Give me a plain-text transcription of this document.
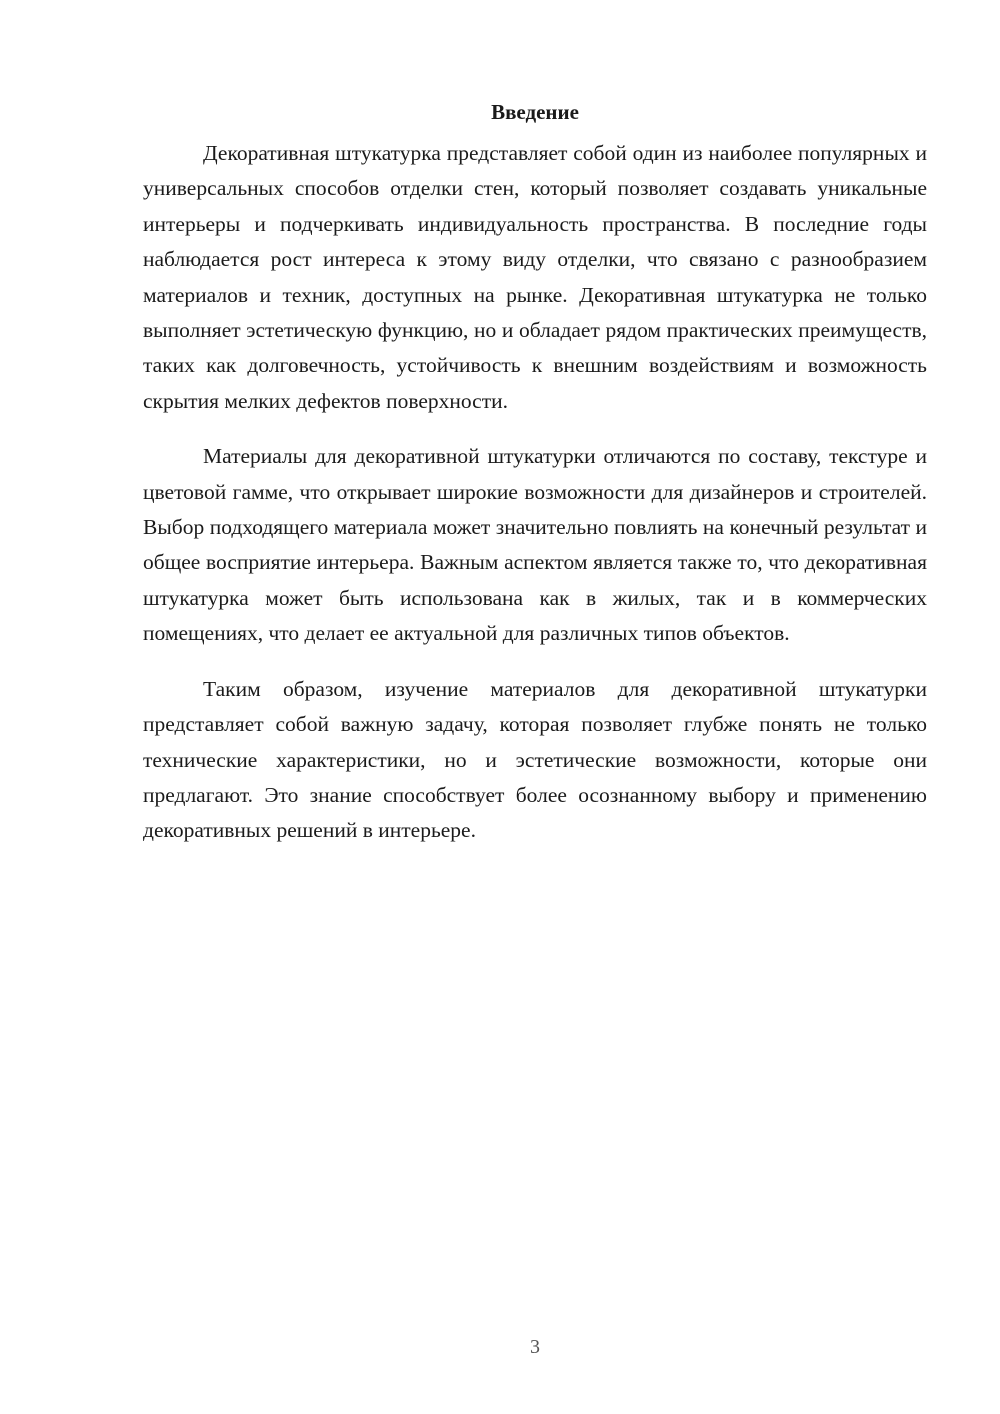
Введение

Декоративная штукатурка представляет собой один из наиболее популярных и универсальных способов отделки стен, который позволяет создавать уникальные интерьеры и подчеркивать индивидуальность пространства. В последние годы наблюдается рост интереса к этому виду отделки, что связано с разнообразием материалов и техник, доступных на рынке. Декоративная штукатурка не только выполняет эстетическую функцию, но и обладает рядом практических преимуществ, таких как долговечность, устойчивость к внешним воздействиям и возможность скрытия мелких дефектов поверхности.

Материалы для декоративной штукатурки отличаются по составу, текстуре и цветовой гамме, что открывает широкие возможности для дизайнеров и строителей. Выбор подходящего материала может значительно повлиять на конечный результат и общее восприятие интерьера. Важным аспектом является также то, что декоративная штукатурка может быть использована как в жилых, так и в коммерческих помещениях, что делает ее актуальной для различных типов объектов.

Таким образом, изучение материалов для декоративной штукатурки представляет собой важную задачу, которая позволяет глубже понять не только технические характеристики, но и эстетические возможности, которые они предлагают. Это знание способствует более осознанному выбору и применению декоративных решений в интерьере.

3
